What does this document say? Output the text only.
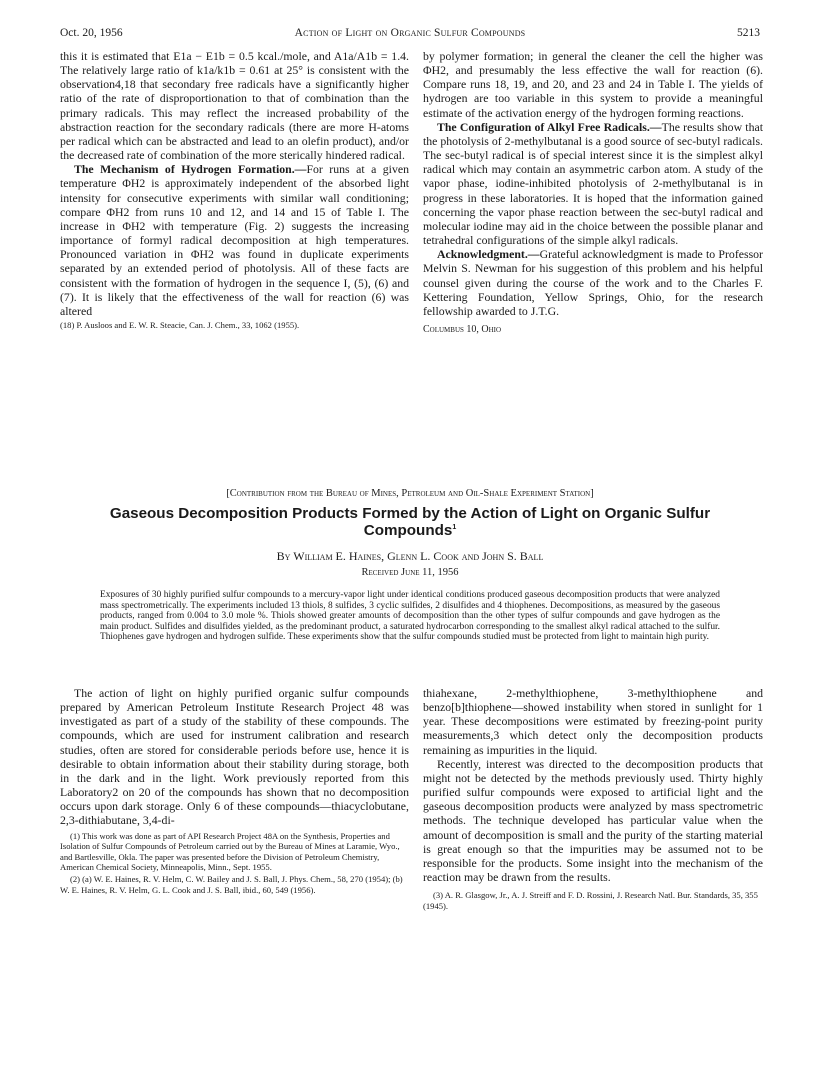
Oct. 20, 1956	Action of Light on Organic Sulfur Compounds	5213

this it is estimated that E1a − E1b = 0.5 kcal./mole, and A1a/A1b = 1.4. The relatively large ratio of k1a/k1b = 0.61 at 25° is consistent with the observation4,18 that secondary free radicals have a significantly higher ratio of the rate of disproportionation to that of combination than the primary radicals. This may reflect the increased probability of the abstraction reaction for the secondary radicals (there are more H-atoms per radical which can be abstracted and lead to an olefin product), and/or the decreased rate of combination of the more sterically hindered radical.

The Mechanism of Hydrogen Formation.—For runs at a given temperature ΦH2 is approximately independent of the absorbed light intensity for consecutive experiments with similar wall conditioning; compare ΦH2 from runs 10 and 12, and 14 and 15 of Table I. The increase in ΦH2 with temperature (Fig. 2) suggests the increasing importance of formyl radical decomposition at high temperatures. Pronounced variation in ΦH2 was found in duplicate experiments separated by an extended period of photolysis. All of these facts are consistent with the formation of hydrogen in the sequence I, (5), (6) and (7). It is likely that the effectiveness of the wall for reaction (6) was altered

(18) P. Ausloos and E. W. R. Steacie, Can. J. Chem., 33, 1062 (1955).

by polymer formation; in general the cleaner the cell the higher was ΦH2, and presumably the less effective the wall for reaction (6). Compare runs 18, 19, and 20, and 23 and 24 in Table I. The yields of hydrogen are too variable in this system to provide a meaningful estimate of the activation energy of the hydrogen forming reactions.

The Configuration of Alkyl Free Radicals.—The results show that the photolysis of 2-methylbutanal is a good source of sec-butyl radicals. The sec-butyl radical is of special interest since it is the simplest alkyl radical which may contain an asymmetric carbon atom. A study of the vapor phase, iodine-inhibited photolysis of 2-methylbutanal is in progress in these laboratories. It is hoped that the information gained concerning the vapor phase reaction between the sec-butyl radical and molecular iodine may aid in the choice between the possible planar and tetrahedral configurations of the simple alkyl radicals.

Acknowledgment.—Grateful acknowledgment is made to Professor Melvin S. Newman for his suggestion of this problem and his helpful counsel given during the course of the work and to the Charles F. Kettering Foundation, Yellow Springs, Ohio, for the research fellowship awarded to J.T.G.

Columbus 10, Ohio

[Contribution from the Bureau of Mines, Petroleum and Oil-Shale Experiment Station]
Gaseous Decomposition Products Formed by the Action of Light on Organic Sulfur Compounds$^1$
By William E. Haines, Glenn L. Cook and John S. Ball
Received June 11, 1956
Exposures of 30 highly purified sulfur compounds to a mercury-vapor light under identical conditions produced gaseous decomposition products that were analyzed mass spectrometrically. The experiments included 13 thiols, 8 sulfides, 3 cyclic sulfides, 2 disulfides and 4 thiophenes. Decompositions, as measured by the gaseous products, ranged from 0.004 to 3.0 mole %. Thiols showed greater amounts of decomposition than the other types of sulfur compounds and gave hydrogen as the main product. Sulfides and disulfides yielded, as the predominant product, a saturated hydrocarbon corresponding to the smallest alkyl radical attached to the sulfur. Thiophenes gave hydrogen and hydrogen sulfide. These experiments show that the sulfur compounds studied must be protected from light to maintain high purity.

The action of light on highly purified organic sulfur compounds prepared by American Petroleum Institute Research Project 48 was investigated as part of a study of the stability of these compounds. The compounds, which are used for instrument calibration and research studies, often are stored for considerable periods before use, hence it is desirable to obtain information about their stability during storage, both in the dark and in the light. Work previously reported from this Laboratory2 on 20 of the compounds has shown that no decomposition occurs upon dark storage. Only 6 of these compounds—thiacyclobutane, 2,3-dithiabutane, 3,4-di-

(1) This work was done as part of API Research Project 48A on the Synthesis, Properties and Isolation of Sulfur Compounds of Petroleum carried out by the Bureau of Mines at Laramie, Wyo., and Bartlesville, Okla. The paper was presented before the Division of Petroleum Chemistry, American Chemical Society, Minneapolis, Minn., Sept. 1955.

(2) (a) W. E. Haines, R. V. Helm, C. W. Bailey and J. S. Ball, J. Phys. Chem., 58, 270 (1954); (b) W. E. Haines, R. V. Helm, G. L. Cook and J. S. Ball, ibid., 60, 549 (1956).

thiahexane, 2-methylthiophene, 3-methylthiophene and benzo[b]thiophene—showed instability when stored in sunlight for 1 year. These decompositions were estimated by freezing-point purity measurements,3 which detect only the decomposition products remaining as impurities in the liquid.

Recently, interest was directed to the decomposition products that might not be detected by the methods previously used. Thirty highly purified sulfur compounds were exposed to artificial light and the gaseous decomposition products were analyzed by mass spectrometric methods. The technique developed has particular value when the amount of decomposition is small and the purity of the starting material is great enough so that the impurities may be assumed not to be responsible for the products. Some insight into the mechanism of the reaction may be drawn from the results.

(3) A. R. Glasgow, Jr., A. J. Streiff and F. D. Rossini, J. Research Natl. Bur. Standards, 35, 355 (1945).
